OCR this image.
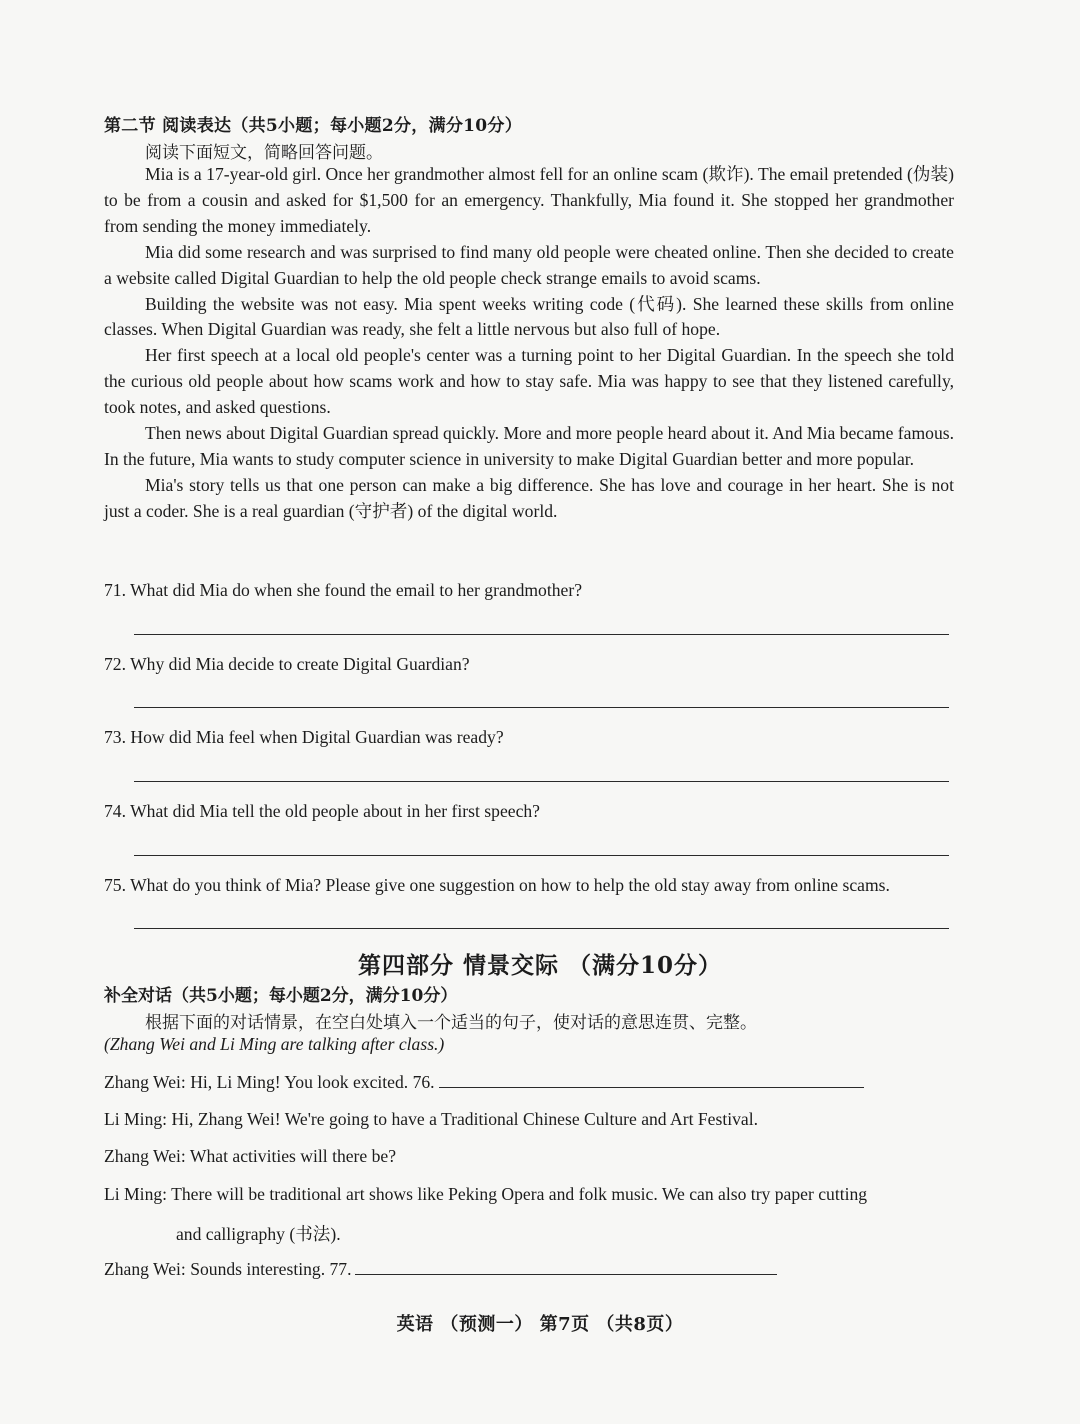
第二节 阅读表达（共5小题；每小题2分，满分10分）
阅读下面短文，简略回答问题。

Mia is a 17-year-old girl. Once her grandmother almost fell for an online scam (欺诈). The email pretended (伪装) to be from a cousin and asked for $1,500 for an emergency. Thankfully, Mia found it. She stopped her grandmother from sending the money immediately.

Mia did some research and was surprised to find many old people were cheated online. Then she decided to create a website called Digital Guardian to help the old people check strange emails to avoid scams.

Building the website was not easy. Mia spent weeks writing code (代码). She learned these skills from online classes. When Digital Guardian was ready, she felt a little nervous but also full of hope.

Her first speech at a local old people's center was a turning point to her Digital Guardian. In the speech she told the curious old people about how scams work and how to stay safe. Mia was happy to see that they listened carefully, took notes, and asked questions.

Then news about Digital Guardian spread quickly. More and more people heard about it. And Mia became famous. In the future, Mia wants to study computer science in university to make Digital Guardian better and more popular.

Mia's story tells us that one person can make a big difference. She has love and courage in her heart. She is not just a coder. She is a real guardian (守护者) of the digital world.

71. What did Mia do when she found the email to her grandmother?
72. Why did Mia decide to create Digital Guardian?
73. How did Mia feel when Digital Guardian was ready?
74. What did Mia tell the old people about in her first speech?
75. What do you think of Mia? Please give one suggestion on how to help the old stay away from online scams.
第四部分 情景交际 （满分10分）
补全对话（共5小题；每小题2分，满分10分）
根据下面的对话情景，在空白处填入一个适当的句子，使对话的意思连贯、完整。
(Zhang Wei and Li Ming are talking after class.)
Zhang Wei: Hi, Li Ming! You look excited. 76.
Li Ming: Hi, Zhang Wei! We're going to have a Traditional Chinese Culture and Art Festival.
Zhang Wei: What activities will there be?
Li Ming: There will be traditional art shows like Peking Opera and folk music. We can also try paper cutting
and calligraphy (书法).
Zhang Wei: Sounds interesting. 77.
英语 （预测一） 第7页 （共8页）
